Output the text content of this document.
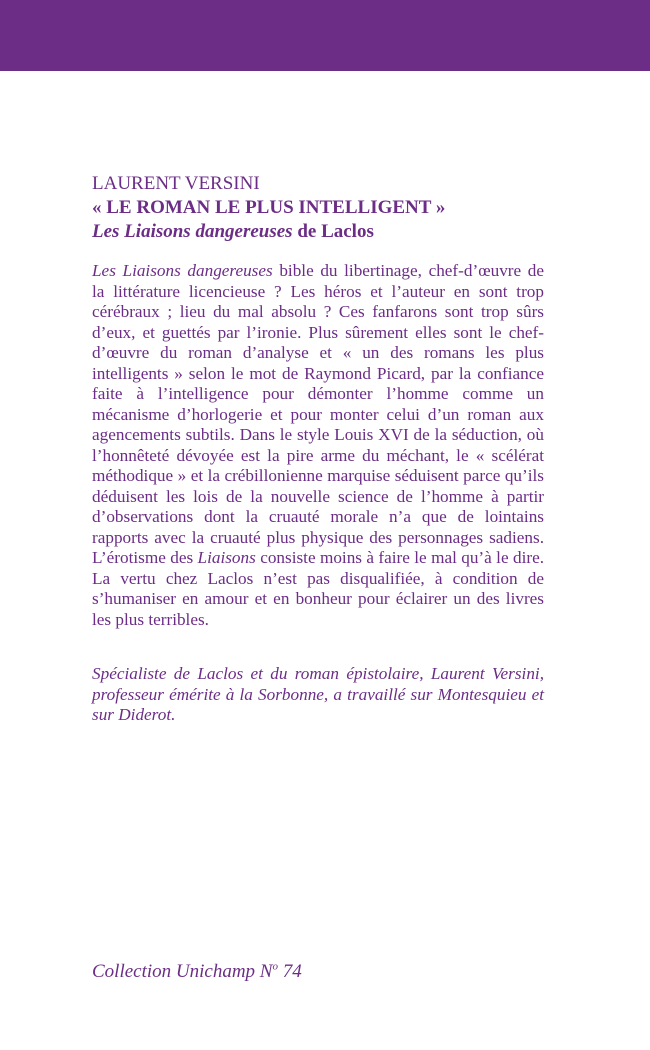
LAURENT VERSINI
« LE ROMAN LE PLUS INTELLIGENT »
Les Liaisons dangereuses de Laclos

Les Liaisons dangereuses bible du libertinage, chef-d’œuvre de la littérature licencieuse ? Les héros et l’auteur en sont trop cérébraux ; lieu du mal absolu ? Ces fanfarons sont trop sûrs d’eux, et guettés par l’ironie. Plus sûrement elles sont le chef-d’œuvre du roman d’analyse et « un des romans les plus intelligents » selon le mot de Raymond Picard, par la confiance faite à l’intelligence pour démonter l’homme comme un mécanisme d’horlogerie et pour monter celui d’un roman aux agencements subtils. Dans le style Louis XVI de la séduction, où l’honnêteté dévoyée est la pire arme du méchant, le « scélérat méthodique » et la crébillonienne marquise séduisent parce qu’ils déduisent les lois de la nouvelle science de l’homme à partir d’observations dont la cruauté morale n’a que de lointains rapports avec la cruauté plus physique des personnages sadiens. L’érotisme des Liaisons consiste moins à faire le mal qu’à le dire. La vertu chez Laclos n’est pas disqualifiée, à condition de s’humaniser en amour et en bonheur pour éclairer un des livres les plus terribles.

Spécialiste de Laclos et du roman épistolaire, Laurent Versini, professeur émérite à la Sorbonne, a travaillé sur Montesquieu et sur Diderot.

Collection Unichamp $N^o$ 74
